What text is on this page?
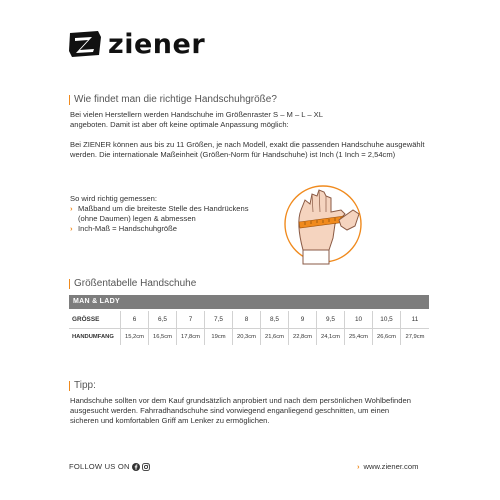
ziener
Wie findet man die richtige Handschuhgröße?
Bei vielen Herstellern werden Handschuhe im Größenraster S – M – L – XL
angeboten. Damit ist aber oft keine optimale Anpassung möglich:
Bei ZIENER können aus bis zu 11 Größen, je nach Modell, exakt die passenden Handschuhe ausgewählt
werden. Die internationale Maßeinheit (Größen-Norm für Handschuhe) ist Inch (1 Inch = 2,54cm)
So wird richtig gemessen:
› Maßband um die breiteste Stelle des Handrückens
(ohne Daumen) legen & abmessen
› Inch-Maß = Handschuhgröße
Größentabelle Handschuhe
MAN & LADY
GRÖSSE	6	6,5	7	7,5	8	8,5	9	9,5	10	10,5	11
HANDUMFANG	15,2cm	16,5cm	17,8cm	19cm	20,3cm	21,6cm	22,8cm	24,1cm	25,4cm	26,6cm	27,9cm
Tipp:
Handschuhe sollten vor dem Kauf grundsätzlich anprobiert und nach dem persönlichen Wohlbefinden
ausgesucht werden. Fahrradhandschuhe sind vorwiegend enganliegend geschnitten, um einen
sicheren und komfortablen Griff am Lenker zu ermöglichen.
FOLLOW US ON	› www.ziener.com
